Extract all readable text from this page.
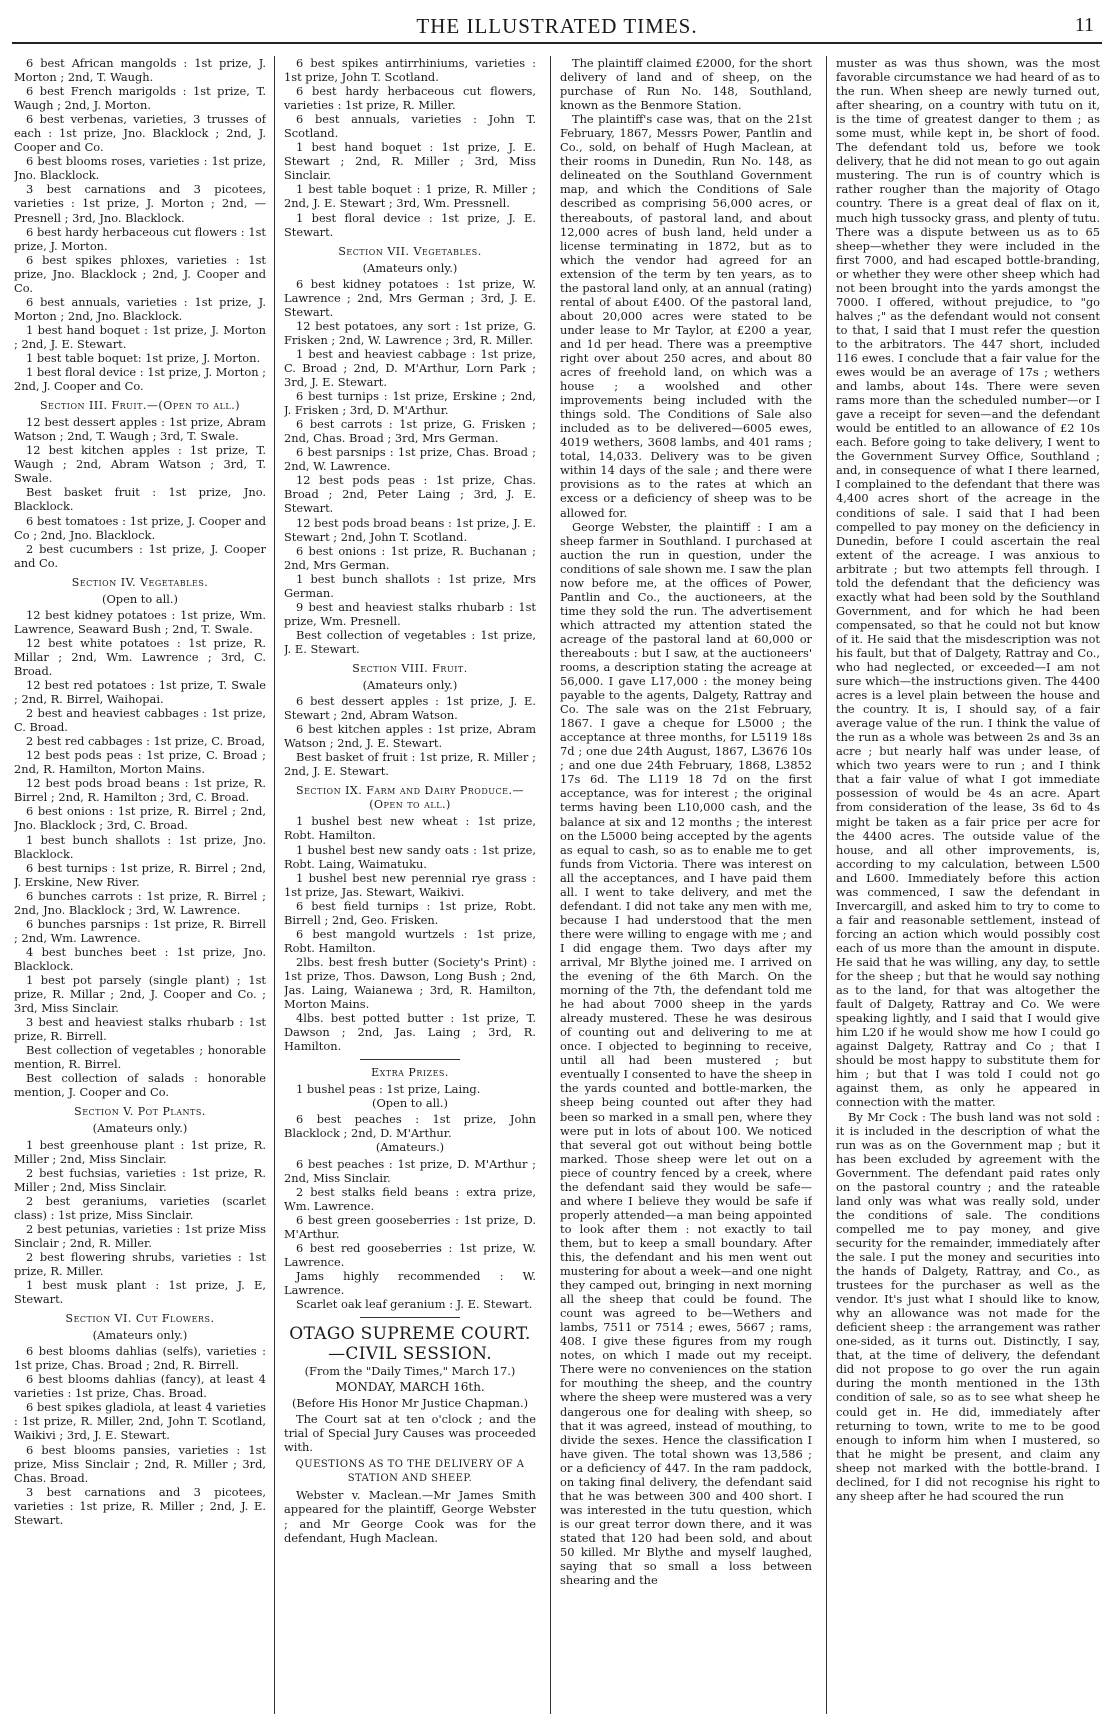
THE ILLUSTRATED TIMES.	11

6 best African mangolds : 1st prize, J. Morton ; 2nd, T. Waugh.

6 best French marigolds : 1st prize, T. Waugh ; 2nd, J. Morton.

6 best verbenas, varieties, 3 trusses of each : 1st prize, Jno. Blacklock ; 2nd, J. Cooper and Co.

6 best blooms roses, varieties : 1st prize, Jno. Blacklock.

3 best carnations and 3 picotees, varieties : 1st prize, J. Morton ; 2nd, — Presnell ; 3rd, Jno. Blacklock.

6 best hardy herbaceous cut flowers : 1st prize, J. Morton.

6 best spikes phloxes, varieties : 1st prize, Jno. Blacklock ; 2nd, J. Cooper and Co.

6 best annuals, varieties : 1st prize, J. Morton ; 2nd, Jno. Blacklock.

1 best hand boquet : 1st prize, J. Morton ; 2nd, J. E. Stewart.

1 best table boquet: 1st prize, J. Morton.

1 best floral device : 1st prize, J. Morton ; 2nd, J. Cooper and Co.

Section III. Fruit.—(Open to all.)

12 best dessert apples : 1st prize, Abram Watson ; 2nd, T. Waugh ; 3rd, T. Swale.

12 best kitchen apples : 1st prize, T. Waugh ; 2nd, Abram Watson ; 3rd, T. Swale.

Best basket fruit : 1st prize, Jno. Blacklock.

6 best tomatoes : 1st prize, J. Cooper and Co ; 2nd, Jno. Blacklock.

2 best cucumbers : 1st prize, J. Cooper and Co.

Section IV. Vegetables.
(Open to all.)

12 best kidney potatoes : 1st prize, Wm. Lawrence, Seaward Bush ; 2nd, T. Swale.

12 best white potatoes : 1st prize, R. Millar ; 2nd, Wm. Lawrence ; 3rd, C. Broad.

12 best red potatoes : 1st prize, T. Swale ; 2nd, R. Birrel, Waihopai.

2 best and heaviest cabbages : 1st prize, C. Broad.

2 best red cabbages : 1st prize, C. Broad,

12 best pods peas : 1st prize, C. Broad ; 2nd, R. Hamilton, Morton Mains.

12 best pods broad beans : 1st prize, R. Birrel ; 2nd, R. Hamilton ; 3rd, C. Broad.

6 best onions : 1st prize, R. Birrel ; 2nd, Jno. Blacklock ; 3rd, C. Broad.

1 best bunch shallots : 1st prize, Jno. Blacklock.

6 best turnips : 1st prize, R. Birrel ; 2nd, J. Erskine, New River.

6 bunches carrots : 1st prize, R. Birrel ; 2nd, Jno. Blacklock ; 3rd, W. Lawrence.

6 bunches parsnips : 1st prize, R. Birrell ; 2nd, Wm. Lawrence.

4 best bunches beet : 1st prize, Jno. Blacklock.

1 best pot parsely (single plant) ; 1st prize, R. Millar ; 2nd, J. Cooper and Co. ; 3rd, Miss Sinclair.

3 best and heaviest stalks rhubarb : 1st prize, R. Birrell.

Best collection of vegetables ; honorable mention, R. Birrel.

Best collection of salads : honorable mention, J. Cooper and Co.

Section V. Pot Plants.
(Amateurs only.)

1 best greenhouse plant : 1st prize, R. Miller ; 2nd, Miss Sinclair.

2 best fuchsias, varieties : 1st prize, R. Miller ; 2nd, Miss Sinclair.

2 best geraniums, varieties (scarlet class) : 1st prize, Miss Sinclair.

2 best petunias, varieties : 1st prize Miss Sinclair ; 2nd, R. Miller.

2 best flowering shrubs, varieties : 1st prize, R. Miller.

1 best musk plant : 1st prize, J. E, Stewart.

Section VI. Cut Flowers.
(Amateurs only.)

6 best blooms dahlias (selfs), varieties : 1st prize, Chas. Broad ; 2nd, R. Birrell.

6 best blooms dahlias (fancy), at least 4 varieties : 1st prize, Chas. Broad.

6 best spikes gladiola, at least 4 varieties : 1st prize, R. Miller, 2nd, John T. Scotland, Waikivi ; 3rd, J. E. Stewart.

6 best blooms pansies, varieties : 1st prize, Miss Sinclair ; 2nd, R. Miller ; 3rd, Chas. Broad.

3 best carnations and 3 picotees, varieties : 1st prize, R. Miller ; 2nd, J. E. Stewart.

6 best spikes antirrhiniums, varieties : 1st prize, John T. Scotland.

6 best hardy herbaceous cut flowers, varieties : 1st prize, R. Miller.

6 best annuals, varieties : John T. Scotland.

1 best hand boquet : 1st prize, J. E. Stewart ; 2nd, R. Miller ; 3rd, Miss Sinclair.

1 best table boquet : 1 prize, R. Miller ; 2nd, J. E. Stewart ; 3rd, Wm. Pressnell.

1 best floral device : 1st prize, J. E. Stewart.

Section VII. Vegetables.
(Amateurs only.)

6 best kidney potatoes : 1st prize, W. Lawrence ; 2nd, Mrs German ; 3rd, J. E. Stewart.

12 best potatoes, any sort : 1st prize, G. Frisken ; 2nd, W. Lawrence ; 3rd, R. Miller.

1 best and heaviest cabbage : 1st prize, C. Broad ; 2nd, D. M'Arthur, Lorn Park ; 3rd, J. E. Stewart.

6 best turnips : 1st prize, Erskine ; 2nd, J. Frisken ; 3rd, D. M'Arthur.

6 best carrots : 1st prize, G. Frisken ; 2nd, Chas. Broad ; 3rd, Mrs German.

6 best parsnips : 1st prize, Chas. Broad ; 2nd, W. Lawrence.

12 best pods peas : 1st prize, Chas. Broad ; 2nd, Peter Laing ; 3rd, J. E. Stewart.

12 best pods broad beans : 1st prize, J. E. Stewart ; 2nd, John T. Scotland.

6 best onions : 1st prize, R. Buchanan ; 2nd, Mrs German.

1 best bunch shallots : 1st prize, Mrs German.

9 best and heaviest stalks rhubarb : 1st prize, Wm. Presnell.

Best collection of vegetables : 1st prize, J. E. Stewart.

Section VIII. Fruit.
(Amateurs only.)

6 best dessert apples : 1st prize, J. E. Stewart ; 2nd, Abram Watson.

6 best kitchen apples : 1st prize, Abram Watson ; 2nd, J. E. Stewart.

Best basket of fruit : 1st prize, R. Miller ; 2nd, J. E. Stewart.

Section IX. Farm and Dairy Produce.—(Open to all.)

1 bushel best new wheat : 1st prize, Robt. Hamilton.

1 bushel best new sandy oats : 1st prize, Robt. Laing, Waimatuku.

1 bushel best new perennial rye grass : 1st prize, Jas. Stewart, Waikivi.

6 best field turnips : 1st prize, Robt. Birrell ; 2nd, Geo. Frisken.

6 best mangold wurtzels : 1st prize, Robt. Hamilton.

2lbs. best fresh butter (Society's Print) : 1st prize, Thos. Dawson, Long Bush ; 2nd, Jas. Laing, Waianewa ; 3rd, R. Hamilton, Morton Mains.

4lbs. best potted butter : 1st prize, T. Dawson ; 2nd, Jas. Laing ; 3rd, R. Hamilton.

Extra Prizes.

1 bushel peas : 1st prize, Laing.

(Open to all.)

6 best peaches : 1st prize, John Blacklock ; 2nd, D. M'Arthur.

(Amateurs.)

6 best peaches : 1st prize, D. M'Arthur ; 2nd, Miss Sinclair.

2 best stalks field beans : extra prize, Wm. Lawrence.

6 best green gooseberries : 1st prize, D. M'Arthur.

6 best red gooseberries : 1st prize, W. Lawrence.

Jams highly recommended : W. Lawrence.

Scarlet oak leaf geranium : J. E. Stewart.

OTAGO SUPREME COURT.—CIVIL SESSION.
(From the "Daily Times," March 17.)
MONDAY, MARCH 16th.
(Before His Honor Mr Justice Chapman.)

The Court sat at ten o'clock ; and the trial of Special Jury Causes was proceeded with.

QUESTIONS AS TO THE DELIVERY OF A STATION AND SHEEP.

Webster v. Maclean.—Mr James Smith appeared for the plaintiff, George Webster ; and Mr George Cook was for the defendant, Hugh Maclean.

The plaintiff claimed £2000, for the short delivery of land and of sheep, on the purchase of Run No. 148, Southland, known as the Benmore Station.

The plaintiff's case was, that on the 21st February, 1867, Messrs Power, Pantlin and Co., sold, on behalf of Hugh Maclean, at their rooms in Dunedin, Run No. 148, as delineated on the Southland Government map, and which the Conditions of Sale described as comprising 56,000 acres, or thereabouts, of pastoral land, and about 12,000 acres of bush land, held under a license terminating in 1872, but as to which the vendor had agreed for an extension of the term by ten years, as to the pastoral land only, at an annual (rating) rental of about £400. Of the pastoral land, about 20,000 acres were stated to be under lease to Mr Taylor, at £200 a year, and 1d per head. There was a preemptive right over about 250 acres, and about 80 acres of freehold land, on which was a house ; a woolshed and other improvements being included with the things sold. The Conditions of Sale also included as to be delivered—6005 ewes, 4019 wethers, 3608 lambs, and 401 rams ; total, 14,033. Delivery was to be given within 14 days of the sale ; and there were provisions as to the rates at which an excess or a deficiency of sheep was to be allowed for.

George Webster, the plaintiff : I am a sheep farmer in Southland. I purchased at auction the run in question, under the conditions of sale shown me. I saw the plan now before me, at the offices of Power, Pantlin and Co., the auctioneers, at the time they sold the run. The advertisement which attracted my attention stated the acreage of the pastoral land at 60,000 or thereabouts : but I saw, at the auctioneers' rooms, a description stating the acreage at 56,000. I gave L17,000 : the money being payable to the agents, Dalgety, Rattray and Co. The sale was on the 21st February, 1867. I gave a cheque for L5000 ; the acceptance at three months, for L5119 18s 7d ; one due 24th August, 1867, L3676 10s ; and one due 24th February, 1868, L3852 17s 6d. The L119 18 7d on the first acceptance, was for interest ; the original terms having been L10,000 cash, and the balance at six and 12 months ; the interest on the L5000 being accepted by the agents as equal to cash, so as to enable me to get funds from Victoria. There was interest on all the acceptances, and I have paid them all. I went to take delivery, and met the defendant. I did not take any men with me, because I had understood that the men there were willing to engage with me ; and I did engage them. Two days after my arrival, Mr Blythe joined me. I arrived on the evening of the 6th March. On the morning of the 7th, the defendant told me he had about 7000 sheep in the yards already mustered. These he was desirous of counting out and delivering to me at once. I objected to beginning to receive, until all had been mustered ; but eventually I consented to have the sheep in the yards counted and bottle-marken, the sheep being counted out after they had been so marked in a small pen, where they were put in lots of about 100. We noticed that several got out without being bottle marked. Those sheep were let out on a piece of country fenced by a creek, where the defendant said they would be safe—and where I believe they would be safe if properly attended—a man being appointed to look after them : not exactly to tail them, but to keep a small boundary. After this, the defendant and his men went out mustering for about a week—and one night they camped out, bringing in next morning all the sheep that could be found. The count was agreed to be—Wethers and lambs, 7511 or 7514 ; ewes, 5667 ; rams, 408. I give these figures from my rough notes, on which I made out my receipt. There were no conveniences on the station for mouthing the sheep, and the country where the sheep were mustered was a very dangerous one for dealing with sheep, so that it was agreed, instead of mouthing, to divide the sexes. Hence the classification I have given. The total shown was 13,586 ; or a deficiency of 447. In the ram paddock, on taking final delivery, the defendant said that he was between 300 and 400 short. I was interested in the tutu question, which is our great terror down there, and it was stated that 120 had been sold, and about 50 killed. Mr Blythe and myself laughed, saying that so small a loss between shearing and the

muster as was thus shown, was the most favorable circumstance we had heard of as to the run. When sheep are newly turned out, after shearing, on a country with tutu on it, is the time of greatest danger to them ; as some must, while kept in, be short of food. The defendant told us, before we took delivery, that he did not mean to go out again mustering. The run is of country which is rather rougher than the majority of Otago country. There is a great deal of flax on it, much high tussocky grass, and plenty of tutu. There was a dispute between us as to 65 sheep—whether they were included in the first 7000, and had escaped bottle-branding, or whether they were other sheep which had not been brought into the yards amongst the 7000. I offered, without prejudice, to "go halves ;" as the defendant would not consent to that, I said that I must refer the question to the arbitrators. The 447 short, included 116 ewes. I conclude that a fair value for the ewes would be an average of 17s ; wethers and lambs, about 14s. There were seven rams more than the scheduled number—or I gave a receipt for seven—and the defendant would be entitled to an allowance of £2 10s each. Before going to take delivery, I went to the Government Survey Office, Southland ; and, in consequence of what I there learned, I complained to the defendant that there was 4,400 acres short of the acreage in the conditions of sale. I said that I had been compelled to pay money on the deficiency in Dunedin, before I could ascertain the real extent of the acreage. I was anxious to arbitrate ; but two attempts fell through. I told the defendant that the deficiency was exactly what had been sold by the Southland Government, and for which he had been compensated, so that he could not but know of it. He said that the misdescription was not his fault, but that of Dalgety, Rattray and Co., who had neglected, or exceeded—I am not sure which—the instructions given. The 4400 acres is a level plain between the house and the country. It is, I should say, of a fair average value of the run. I think the value of the run as a whole was between 2s and 3s an acre ; but nearly half was under lease, of which two years were to run ; and I think that a fair value of what I got immediate possession of would be 4s an acre. Apart from consideration of the lease, 3s 6d to 4s might be taken as a fair price per acre for the 4400 acres. The outside value of the house, and all other improvements, is, according to my calculation, between L500 and L600. Immediately before this action was commenced, I saw the defendant in Invercargill, and asked him to try to come to a fair and reasonable settlement, instead of forcing an action which would possibly cost each of us more than the amount in dispute. He said that he was willing, any day, to settle for the sheep ; but that he would say nothing as to the land, for that was altogether the fault of Dalgety, Rattray and Co. We were speaking lightly, and I said that I would give him L20 if he would show me how I could go against Dalgety, Rattray and Co ; that I should be most happy to substitute them for him ; but that I was told I could not go against them, as only he appeared in connection with the matter.

By Mr Cock : The bush land was not sold : it is included in the description of what the run was as on the Government map ; but it has been excluded by agreement with the Government. The defendant paid rates only on the pastoral country ; and the rateable land only was what was really sold, under the conditions of sale. The conditions compelled me to pay money, and give security for the remainder, immediately after the sale. I put the money and securities into the hands of Dalgety, Rattray, and Co., as trustees for the purchaser as well as the vendor. It's just what I should like to know, why an allowance was not made for the deficient sheep : the arrangement was rather one-sided, as it turns out. Distinctly, I say, that, at the time of delivery, the defendant did not propose to go over the run again during the month mentioned in the 13th condition of sale, so as to see what sheep he could get in. He did, immediately after returning to town, write to me to be good enough to inform him when I mustered, so that he might be present, and claim any sheep not marked with the bottle-brand. I declined, for I did not recognise his right to any sheep after he had scoured the run
